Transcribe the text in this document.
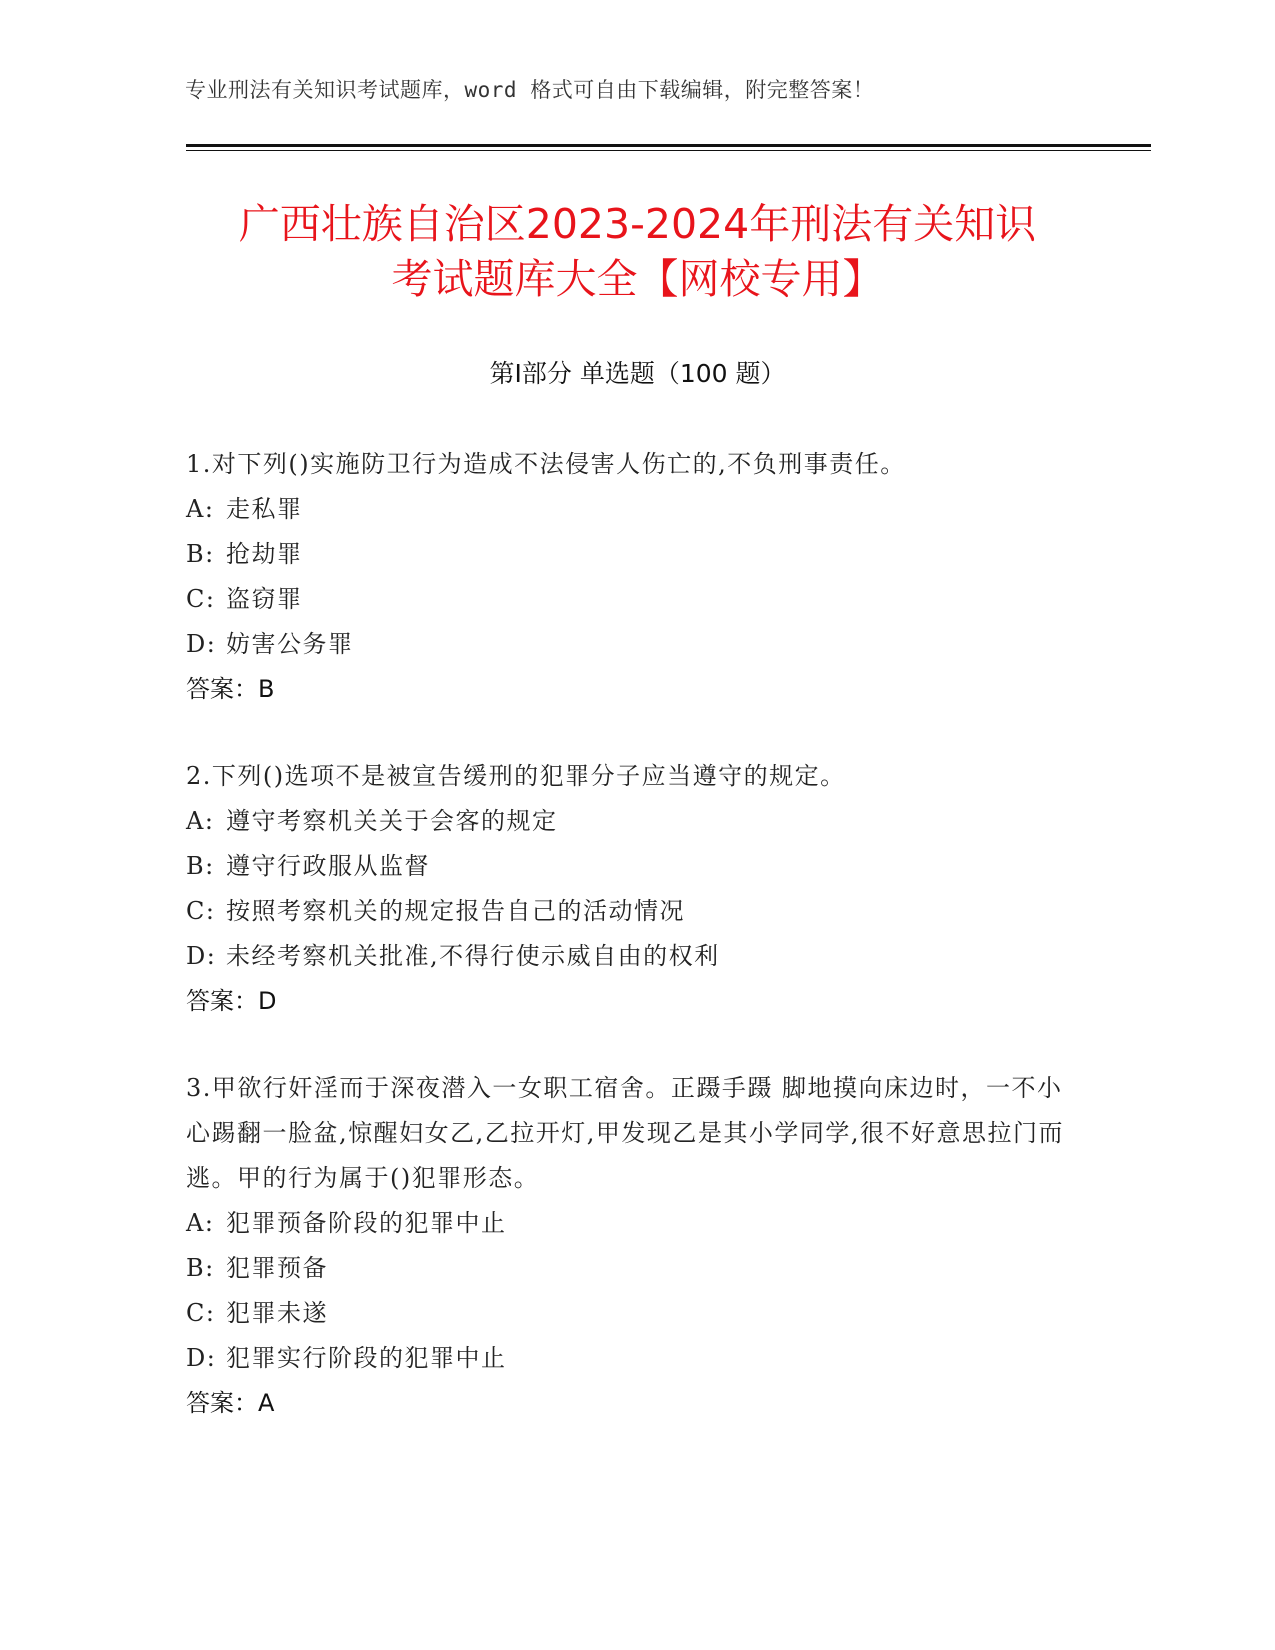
专业刑法有关知识考试题库，word 格式可自由下载编辑，附完整答案！
广西壮族自治区2023-2024年刑法有关知识
考试题库大全【网校专用】
第Ⅰ部分 单选题（100 题）
1.对下列()实施防卫行为造成不法侵害人伤亡的,不负刑事责任。
A: 走私罪
B: 抢劫罪
C: 盗窃罪
D: 妨害公务罪
答案：B
2.下列()选项不是被宣告缓刑的犯罪分子应当遵守的规定。
A: 遵守考察机关关于会客的规定
B: 遵守行政服从监督
C: 按照考察机关的规定报告自己的活动情况
D: 未经考察机关批准,不得行使示威自由的权利
答案：D
3.甲欲行奸淫而于深夜潜入一女职工宿舍。正蹑手蹑 脚地摸向床边时，一不小心踢翻一脸盆,惊醒妇女乙,乙拉开灯,甲发现乙是其小学同学,很不好意思拉门而逃。甲的行为属于()犯罪形态。
A: 犯罪预备阶段的犯罪中止
B: 犯罪预备
C: 犯罪未遂
D: 犯罪实行阶段的犯罪中止
答案：A
